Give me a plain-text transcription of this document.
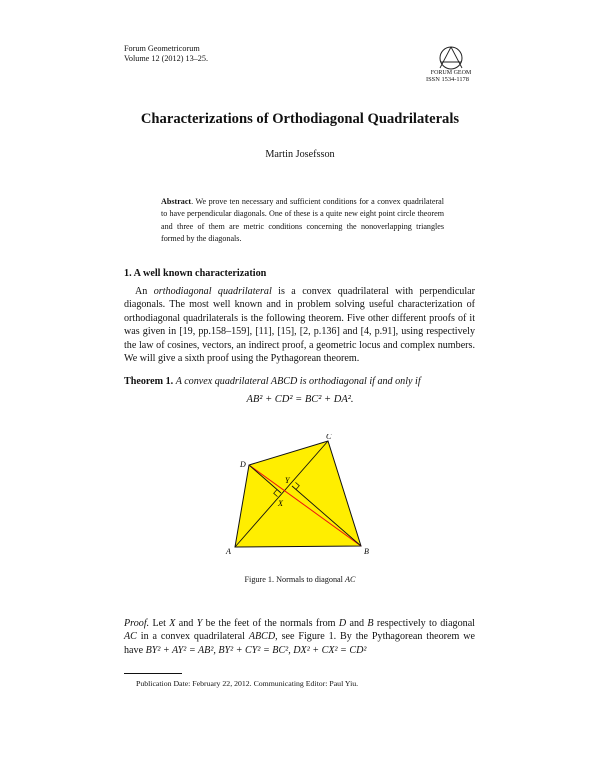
Forum Geometricorum
Volume 12 (2012) 13–25.
FORUM GEOM
ISSN 1534-1178
Characterizations of Orthodiagonal Quadrilaterals
Martin Josefsson
Abstract. We prove ten necessary and sufficient conditions for a convex quadrilateral to have perpendicular diagonals. One of these is a quite new eight point circle theorem and three of them are metric conditions concerning the nonoverlapping triangles formed by the diagonals.
1. A well known characterization
An orthodiagonal quadrilateral is a convex quadrilateral with perpendicular diagonals. The most well known and in problem solving useful characterization of orthodiagonal quadrilaterals is the following theorem. Five other different proofs of it was given in [19, pp.158–159], [11], [15], [2, p.136] and [4, p.91], using respectively the law of cosines, vectors, an indirect proof, a geometric locus and complex numbers. We will give a sixth proof using the Pythagorean theorem.
Theorem 1. A convex quadrilateral ABCD is orthodiagonal if and only if
AB² + CD² = BC² + DA².
A	B
C
D
X
Y
Figure 1. Normals to diagonal AC
Proof. Let X and Y be the feet of the normals from D and B respectively to diagonal AC in a convex quadrilateral ABCD, see Figure 1. By the Pythagorean theorem we have BY² + AY² = AB², BY² + CY² = BC², DX² + CX² = CD²
Publication Date: February 22, 2012. Communicating Editor: Paul Yiu.
